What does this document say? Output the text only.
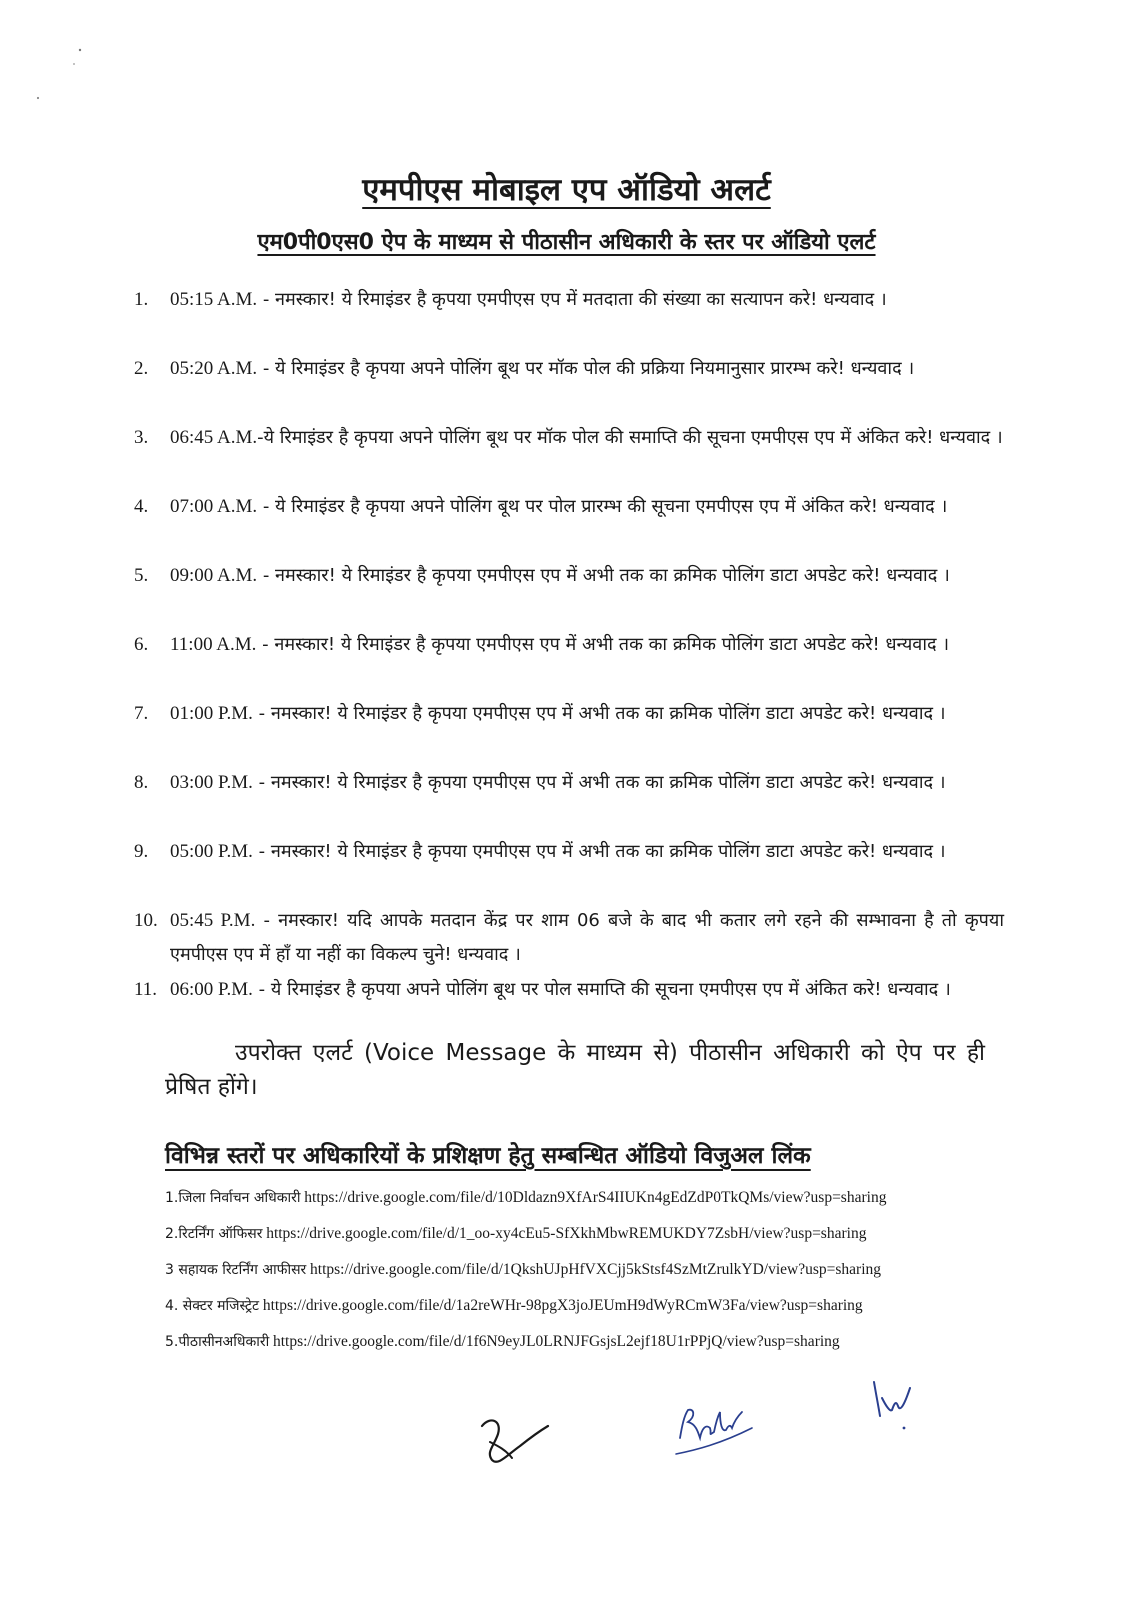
एमपीएस मोबाइल एप ऑडियो अलर्ट
एम0पी0एस0 ऐप के माध्यम से पीठासीन अधिकारी के स्तर पर ऑडियो एलर्ट
1. 05:15 A.M. - नमस्कार! ये रिमाइंडर है कृपया एमपीएस एप में मतदाता की संख्या का सत्यापन करे! धन्यवाद ।
2. 05:20 A.M. - ये रिमाइंडर है कृपया अपने पोलिंग बूथ पर मॉक पोल की प्रक्रिया नियमानुसार प्रारम्भ करे! धन्यवाद ।
3. 06:45 A.M.-ये रिमाइंडर है कृपया अपने पोलिंग बूथ पर मॉक पोल की समाप्ति की सूचना एमपीएस एप में अंकित करे! धन्यवाद ।
4. 07:00 A.M. - ये रिमाइंडर है कृपया अपने पोलिंग बूथ पर पोल प्रारम्भ की सूचना एमपीएस एप में अंकित करे! धन्यवाद ।
5. 09:00 A.M. - नमस्कार! ये रिमाइंडर है कृपया एमपीएस एप में अभी तक का क्रमिक पोलिंग डाटा अपडेट करे! धन्यवाद ।
6. 11:00 A.M. - नमस्कार! ये रिमाइंडर है कृपया एमपीएस एप में अभी तक का क्रमिक पोलिंग डाटा अपडेट करे! धन्यवाद ।
7. 01:00 P.M. - नमस्कार! ये रिमाइंडर है कृपया एमपीएस एप में अभी तक का क्रमिक पोलिंग डाटा अपडेट करे! धन्यवाद ।
8. 03:00 P.M. - नमस्कार! ये रिमाइंडर है कृपया एमपीएस एप में अभी तक का क्रमिक पोलिंग डाटा अपडेट करे! धन्यवाद ।
9. 05:00 P.M. - नमस्कार! ये रिमाइंडर है कृपया एमपीएस एप में अभी तक का क्रमिक पोलिंग डाटा अपडेट करे! धन्यवाद ।
10. 05:45 P.M. - नमस्कार! यदि आपके मतदान केंद्र पर शाम 06 बजे के बाद भी कतार लगे रहने की सम्भावना है तो कृपया एमपीएस एप में हाँ या नहीं का विकल्प चुने! धन्यवाद ।
11. 06:00 P.M. - ये रिमाइंडर है कृपया अपने पोलिंग बूथ पर पोल समाप्ति की सूचना एमपीएस एप में अंकित करे! धन्यवाद ।

उपरोक्त एलर्ट (Voice Message के माध्यम से) पीठासीन अधिकारी को ऐप पर ही प्रेषित होंगे।

विभिन्न स्तरों पर अधिकारियों के प्रशिक्षण हेतु सम्बन्धित ऑडियो विजुअल लिंक
1.जिला निर्वाचन अधिकारी https://drive.google.com/file/d/10Dldazn9XfArS4IIUKn4gEdZdP0TkQMs/view?usp=sharing
2.रिटर्निंग ऑफिसर https://drive.google.com/file/d/1_oo-xy4cEu5-SfXkhMbwREMUKDY7ZsbH/view?usp=sharing
3 सहायक रिटर्निंग आफीसर https://drive.google.com/file/d/1QkshUJpHfVXCjj5kStsf4SzMtZrulkYD/view?usp=sharing
4. सेक्टर मजिस्ट्रेट https://drive.google.com/file/d/1a2reWHr-98pgX3joJEUmH9dWyRCmW3Fa/view?usp=sharing
5.पीठासीनअधिकारी https://drive.google.com/file/d/1f6N9eyJL0LRNJFGsjsL2ejf18U1rPPjQ/view?usp=sharing
